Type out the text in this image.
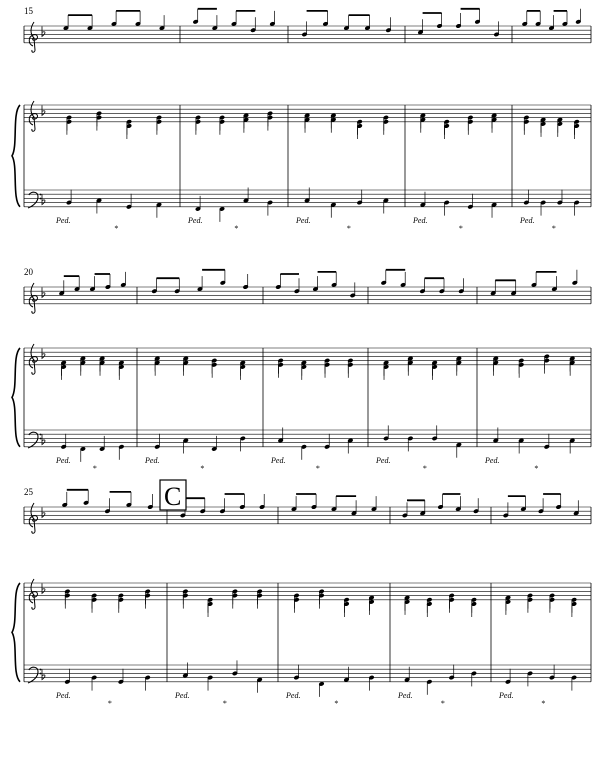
15
Ped.
*
Ped.
*
Ped.
*
Ped.
*
Ped.
*
20
Ped.
*
Ped.
*
Ped.
*
Ped.
*
Ped.
*
25
Ped.
*
Ped.
*
Ped.
*
Ped.
*
Ped.
*
C
